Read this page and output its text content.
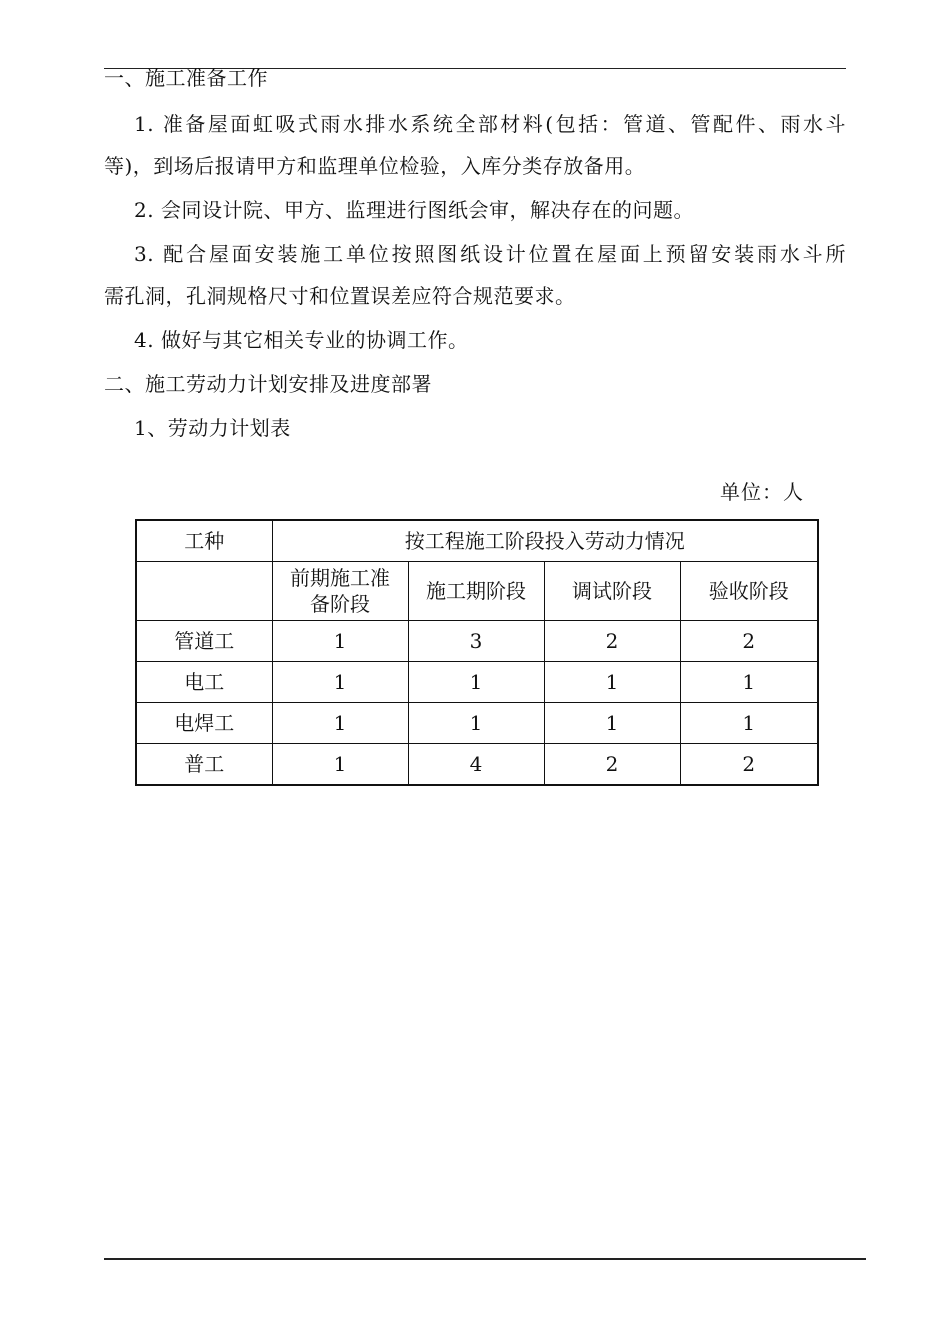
一、施工准备工作
1. 准备屋面虹吸式雨水排水系统全部材料(包括：管道、管配件、雨水斗
等)，到场后报请甲方和监理单位检验，入库分类存放备用。
2. 会同设计院、甲方、监理进行图纸会审，解决存在的问题。
3. 配合屋面安装施工单位按照图纸设计位置在屋面上预留安装雨水斗所
需孔洞，孔洞规格尺寸和位置误差应符合规范要求。
4. 做好与其它相关专业的协调工作。
二、施工劳动力计划安排及进度部署
1、劳动力计划表
单位：人
工种	按工程施工阶段投入劳动力情况			

	前期施工准备阶段	施工期阶段	调试阶段	验收阶段
管道工	1	3	2	2
电工	1	1	1	1
电焊工	1	1	1	1
普工	1	4	2	2
